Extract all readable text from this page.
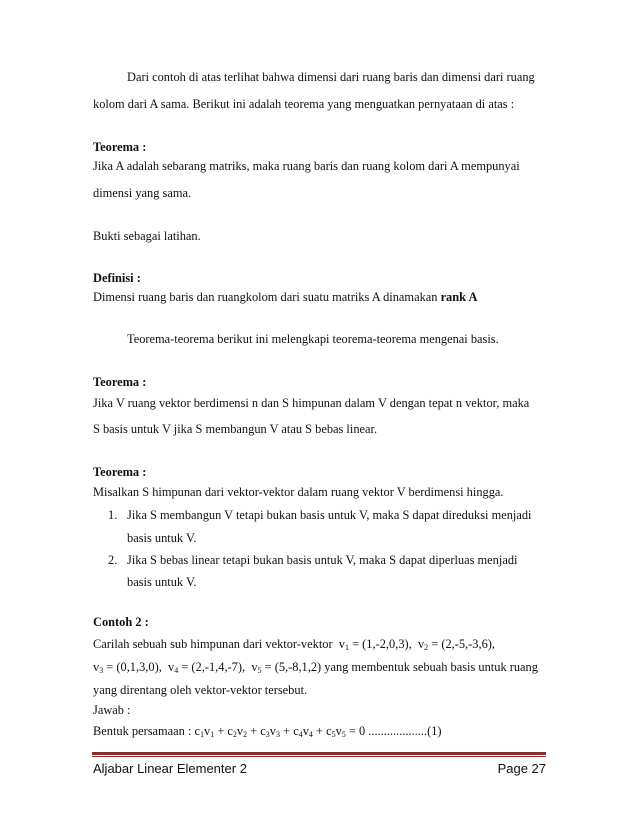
Dari contoh di atas terlihat bahwa dimensi dari ruang baris dan dimensi dari ruang
kolom dari A sama. Berikut ini adalah teorema yang menguatkan pernyataan di atas :
Teorema :
Jika A adalah sebarang matriks, maka ruang baris dan ruang kolom dari A mempunyai
dimensi yang sama.
Bukti sebagai latihan.
Definisi :
Dimensi ruang baris dan ruangkolom dari suatu matriks A dinamakan rank A
Teorema-teorema berikut ini melengkapi teorema-teorema mengenai basis.
Teorema :
Jika V ruang vektor berdimensi n dan S himpunan dalam V dengan tepat n vektor, maka
S basis untuk V jika S membangun V atau S bebas linear.
Teorema :
Misalkan S himpunan dari vektor-vektor dalam ruang vektor V berdimensi hingga.
1. Jika S membangun V tetapi bukan basis untuk V, maka S dapat direduksi menjadi
basis untuk V.
2. Jika S bebas linear tetapi bukan basis untuk V, maka S dapat diperluas menjadi
basis untuk V.
Contoh 2 :
Carilah sebuah sub himpunan dari vektor-vektor $v_1 = (1,-2,0,3)$,  $v_2 = (2,-5,-3,6)$,
$v_3 = (0,1,3,0)$,  $v_4 = (2,-1,4,-7)$,  $v_5 = (5,-8,1,2)$ yang membentuk sebuah basis untuk ruang
yang direntang oleh vektor-vektor tersebut.
Jawab :
Bentuk persamaan : $c_1v_1 + c_2v_2 + c_3v_3 + c_4v_4 + c_5v_5 = 0$ ...................(1)
Aljabar Linear Elementer 2	Page 27
